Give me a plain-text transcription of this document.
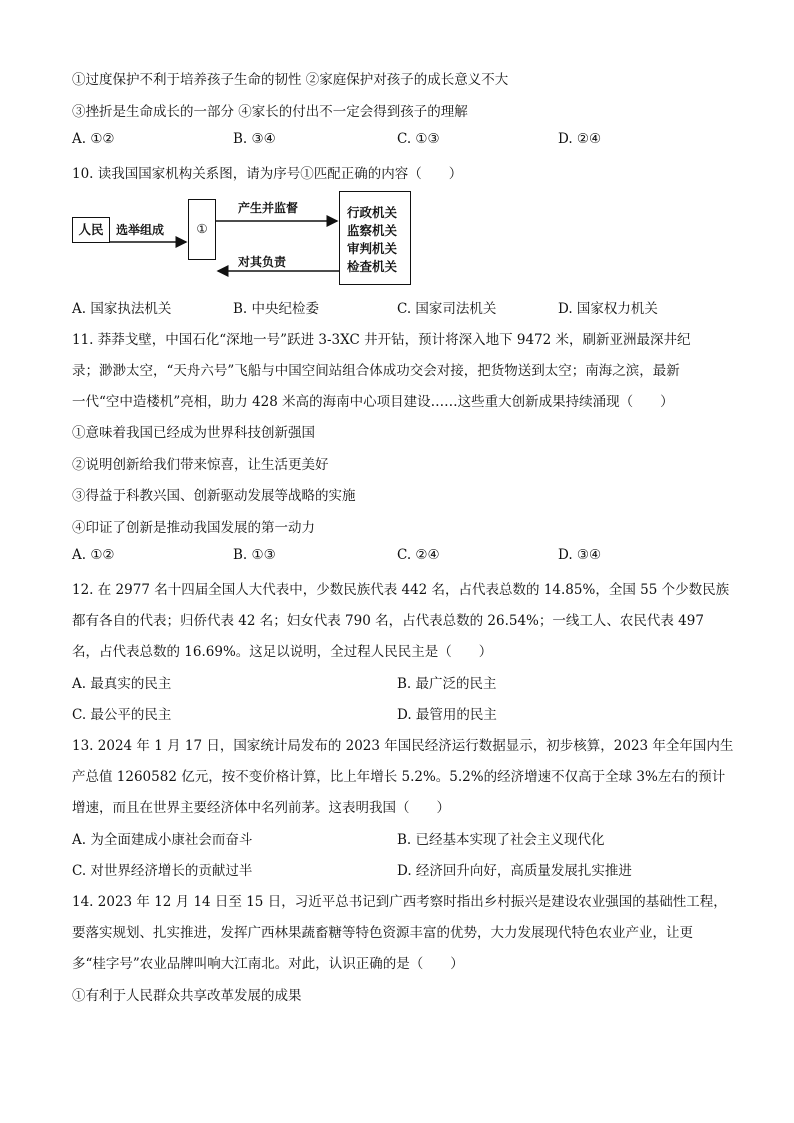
①过度保护不利于培养孩子生命的韧性 ②家庭保护对孩子的成长意义不大
③挫折是生命成长的一部分 ④家长的付出不一定会得到孩子的理解
A. ①②	B. ③④	C. ①③	D. ②④
10. 读我国国家机构关系图，请为序号①匹配正确的内容（　　）
人民	选举组成	①
产生并监督
对其负责
行政机关
监察机关
审判机关
检查机关
A. 国家执法机关	B. 中央纪检委	C. 国家司法机关	D. 国家权力机关
11. 莽莽戈壁，中国石化“深地一号”跃进 3-3XC 井开钻，预计将深入地下 9472 米，刷新亚洲最深井纪
录；渺渺太空，“天舟六号”飞船与中国空间站组合体成功交会对接，把货物送到太空；南海之滨，最新
一代“空中造楼机”亮相，助力 428 米高的海南中心项目建设……这些重大创新成果持续涌现（　　）
①意味着我国已经成为世界科技创新强国
②说明创新给我们带来惊喜，让生活更美好
③得益于科教兴国、创新驱动发展等战略的实施
④印证了创新是推动我国发展的第一动力
A. ①②	B. ①③	C. ②④	D. ③④
12. 在 2977 名十四届全国人大代表中，少数民族代表 442 名，占代表总数的 14.85%，全国 55 个少数民族
都有各自的代表；归侨代表 42 名；妇女代表 790 名，占代表总数的 26.54%；一线工人、农民代表 497
名，占代表总数的 16.69%。这足以说明，全过程人民民主是（　　）
A. 最真实的民主	B. 最广泛的民主
C. 最公平的民主	D. 最管用的民主
13. 2024 年 1 月 17 日，国家统计局发布的 2023 年国民经济运行数据显示，初步核算，2023 年全年国内生
产总值 1260582 亿元，按不变价格计算，比上年增长 5.2%。5.2%的经济增速不仅高于全球 3%左右的预计
增速，而且在世界主要经济体中名列前茅。这表明我国（　　）
A. 为全面建成小康社会而奋斗	B. 已经基本实现了社会主义现代化
C. 对世界经济增长的贡献过半	D. 经济回升向好，高质量发展扎实推进
14. 2023 年 12 月 14 日至 15 日，习近平总书记到广西考察时指出乡村振兴是建设农业强国的基础性工程，
要落实规划、扎实推进，发挥广西林果蔬畜糖等特色资源丰富的优势，大力发展现代特色农业产业，让更
多“桂字号”农业品牌叫响大江南北。对此，认识正确的是（　　）
①有利于人民群众共享改革发展的成果
